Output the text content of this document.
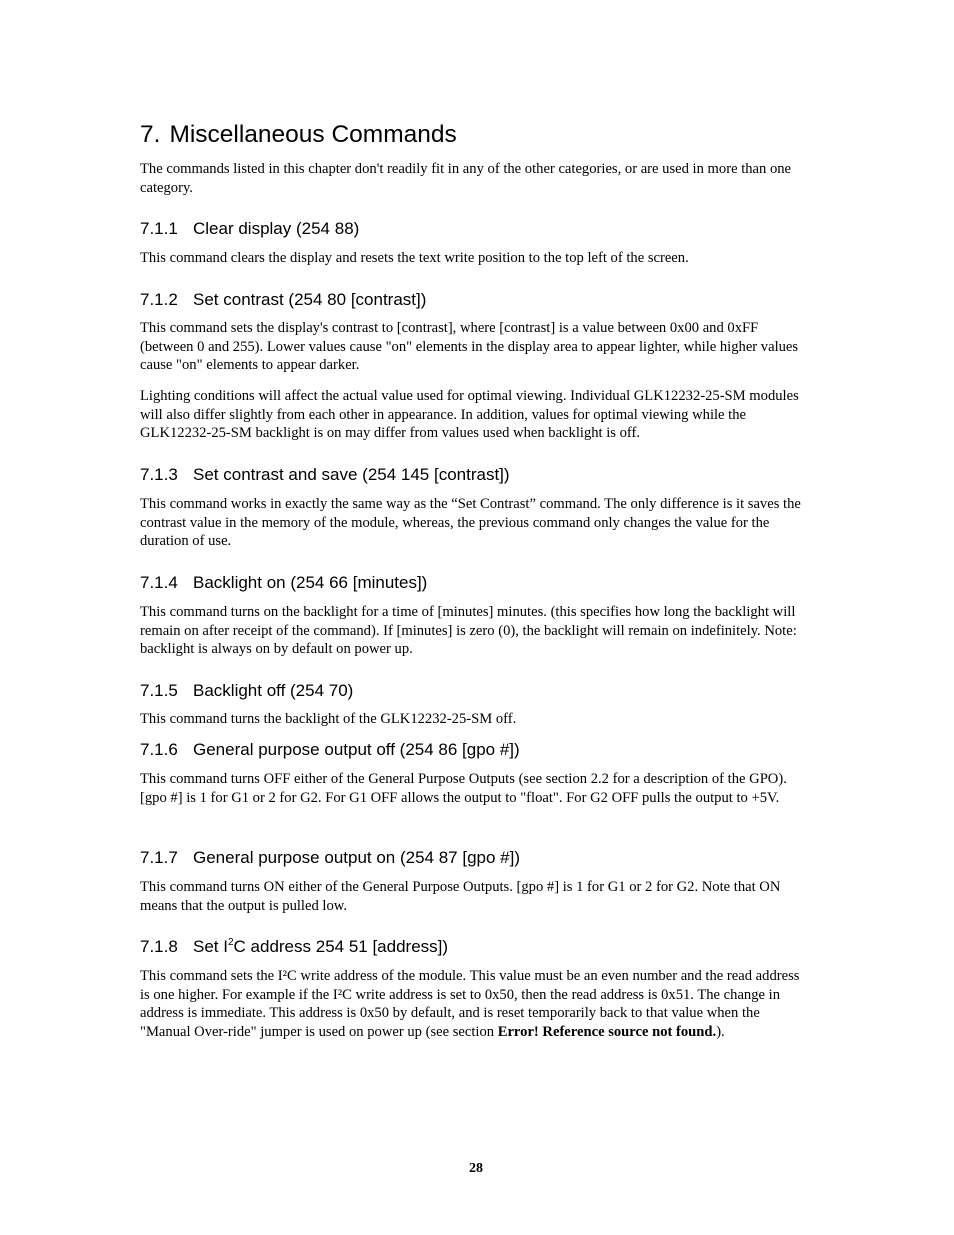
7. Miscellaneous Commands

The commands listed in this chapter don't readily fit in any of the other categories, or are used in more than one category.

7.1.1 Clear display (254 88)

This command clears the display and resets the text write position to the top left of the screen.

7.1.2 Set contrast (254 80 [contrast])

This command sets the display's contrast to [contrast], where [contrast] is a value between 0x00 and 0xFF (between 0 and 255). Lower values cause "on" elements in the display area to appear lighter, while higher values cause "on" elements to appear darker.

Lighting conditions will affect the actual value used for optimal viewing. Individual GLK12232-25-SM modules will also differ slightly from each other in appearance. In addition, values for optimal viewing while the GLK12232-25-SM backlight is on may differ from values used when backlight is off.

7.1.3 Set contrast and save (254 145 [contrast])

This command works in exactly the same way as the “Set Contrast” command. The only difference is it saves the contrast value in the memory of the module, whereas, the previous command only changes the value for the duration of use.

7.1.4 Backlight on (254 66 [minutes])

This command turns on the backlight for a time of [minutes] minutes. (this specifies how long the backlight will remain on after receipt of the command). If [minutes] is zero (0), the backlight will remain on indefinitely. Note: backlight is always on by default on power up.

7.1.5 Backlight off (254 70)

This command turns the backlight of the GLK12232-25-SM off.

7.1.6 General purpose output off (254 86 [gpo #])

This command turns OFF either of the General Purpose Outputs (see section 2.2 for a description of the GPO). [gpo #] is 1 for G1 or 2 for G2. For G1 OFF allows the output to "float". For G2 OFF pulls the output to +5V.

7.1.7 General purpose output on (254 87 [gpo #])

This command turns ON either of the General Purpose Outputs. [gpo #] is 1 for G1 or 2 for G2. Note that ON means that the output is pulled low.

7.1.8 Set $I^2C$ address 254 51 [address])

This command sets the I²C write address of the module. This value must be an even number and the read address is one higher. For example if the I²C write address is set to 0x50, then the read address is 0x51. The change in address is immediate. This address is 0x50 by default, and is reset temporarily back to that value when the "Manual Over-ride" jumper is used on power up (see section Error! Reference source not found.).

28
